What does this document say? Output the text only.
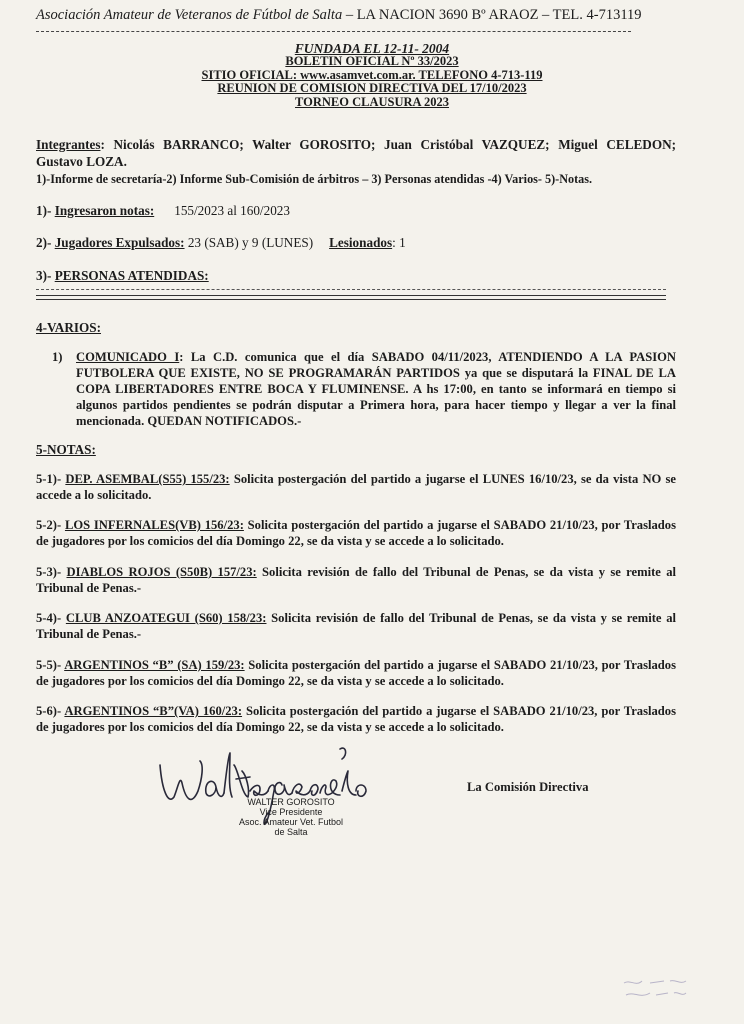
Asociación Amateur de Veteranos de Fútbol de Salta – LA NACION 3690 Bº ARAOZ – TEL. 4-713119
FUNDADA EL 12-11- 2004
BOLETIN OFICIAL Nº 33/2023
SITIO OFICIAL: www.asamvet.com.ar. TELEFONO 4-713-119
REUNION DE COMISION DIRECTIVA DEL 17/10/2023
TORNEO CLAUSURA 2023
Integrantes: Nicolás BARRANCO; Walter GOROSITO; Juan Cristóbal VAZQUEZ; Miguel CELEDON; Gustavo LOZA.
1)-Informe de secretaría-2) Informe Sub-Comisión de árbitros – 3) Personas atendidas -4) Varios- 5)-Notas.
1)- Ingresaron notas: 155/2023 al 160/2023
2)- Jugadores Expulsados: 23 (SAB) y 9 (LUNES) Lesionados: 1
3)- PERSONAS ATENDIDAS:
4-VARIOS:
1) COMUNICADO I: La C.D. comunica que el día SABADO 04/11/2023, ATENDIENDO A LA PASION FUTBOLERA QUE EXISTE, NO SE PROGRAMARÁN PARTIDOS ya que se disputará la FINAL DE LA COPA LIBERTADORES ENTRE BOCA Y FLUMINENSE. A hs 17:00, en tanto se informará en tiempo si algunos partidos pendientes se podrán disputar a Primera hora, para hacer tiempo y llegar a ver la final mencionada. QUEDAN NOTIFICADOS.-
5-NOTAS:
5-1)- DEP. ASEMBAL(S55) 155/23: Solicita postergación del partido a jugarse el LUNES 16/10/23, se da vista NO se accede a lo solicitado.
5-2)- LOS INFERNALES(VB) 156/23: Solicita postergación del partido a jugarse el SABADO 21/10/23, por Traslados de jugadores por los comicios del día Domingo 22, se da vista y se accede a lo solicitado.
5-3)- DIABLOS ROJOS (S50B) 157/23: Solicita revisión de fallo del Tribunal de Penas, se da vista y se remite al Tribunal de Penas.-
5-4)- CLUB ANZOATEGUI (S60) 158/23: Solicita revisión de fallo del Tribunal de Penas, se da vista y se remite al Tribunal de Penas.-
5-5)- ARGENTINOS “B” (SA) 159/23: Solicita postergación del partido a jugarse el SABADO 21/10/23, por Traslados de jugadores por los comicios del día Domingo 22, se da vista y se accede a lo solicitado.
5-6)- ARGENTINOS “B”(VA) 160/23: Solicita postergación del partido a jugarse el SABADO 21/10/23, por Traslados de jugadores por los comicios del día Domingo 22, se da vista y se accede a lo solicitado.
WALTER GOROSITO
Vice Presidente
Asoc. Amateur Vet. Futbol de Salta
La Comisión Directiva
